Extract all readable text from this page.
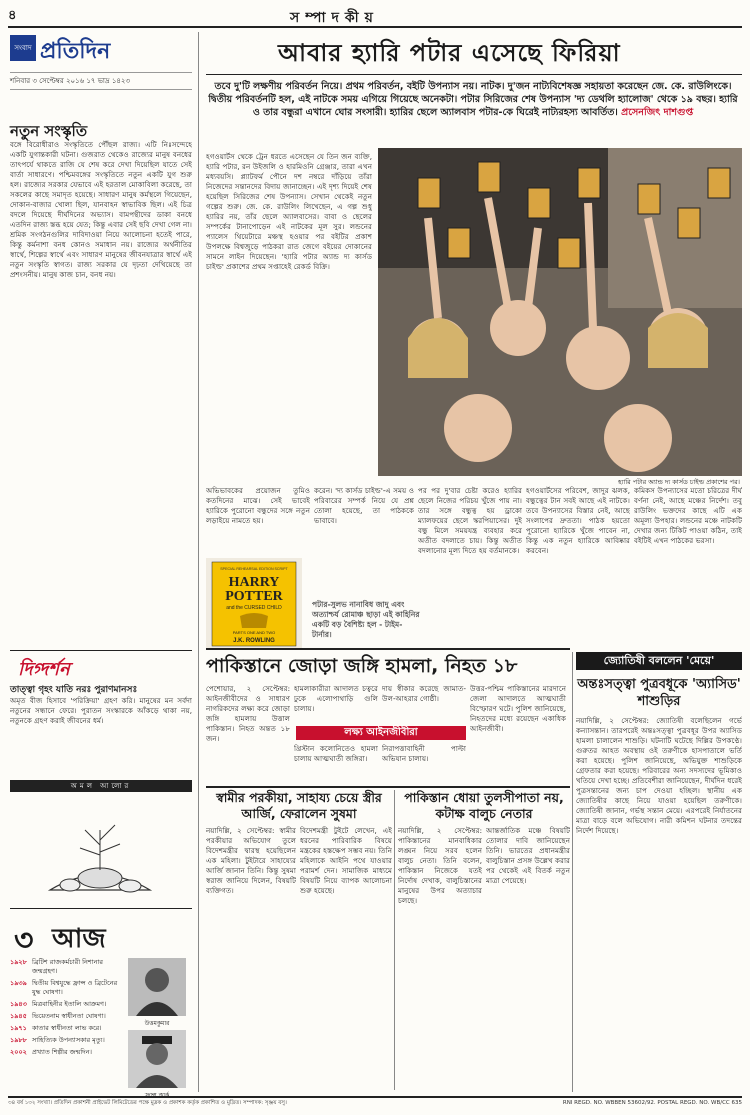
৪	সম্পাদকীয়
সংবাদ প্রতিদিন
শনিবার ৩ সেপ্টেম্বর ২০১৬ ১৭ ভাদ্র ১৪২৩
নতুন সংস্কৃতি
বঙ্গে বিরোধীরাও সংস্কৃতিতে পৌঁছল রাজ্য। এটি নিঃসন্দেহে একটি যুগান্তকারী ঘটনা। গুজরাত থেকেও রাজ্যের মানুষ বনধের তাৎপর্যে থাকতে রাজি যে শেষ করে দেখা দিয়েছিল যাতে সেই বার্তা সাধারণে। পশ্চিমবঙ্গের সংস্কৃতিতে নতুন একটি যুগ শুরু হল। রাজ্যের সরকার যেভাবে এই হরতাল মোকাবিলা করেছে, তা সকলের কাছে সমাদৃত হয়েছে। সাধারণ মানুষ কর্মস্থলে গিয়েছেন, দোকান-বাজার খোলা ছিল, যানবাহন স্বাভাবিক ছিল। এই চিত্র বদলে দিয়েছে দীর্ঘদিনের অভ্যাস। বামপন্থীদের ডাকা বনধে এতদিন রাজ্য স্তব্ধ হয়ে যেত; কিন্তু এবার সেই ছবি দেখা গেল না। শ্রমিক সংগঠনগুলির দাবিদাওয়া নিয়ে আলোচনা হতেই পারে, কিন্তু কর্মনাশা বনধ কোনও সমাধান নয়। রাজ্যের অর্থনীতির স্বার্থে, শিল্পের স্বার্থে এবং সাধারণ মানুষের জীবনযাত্রার স্বার্থে এই নতুন সংস্কৃতি স্বাগত। রাজ্য সরকার যে দৃঢ়তা দেখিয়েছে তা প্রশংসনীয়। মানুষ কাজ চান, বনধ নয়।
দিগ্দর্শন
তাত্ত্বা গৃহং যাতি নরঃ পুরাণমানসঃ
অমৃত বীজ হিসাবে 'পরিক্রিয়া' গ্রহণ করি। মানুষের মন সর্বদা নতুনের সন্ধানে ফেরে। পুরাতন সংস্কারকে আঁকড়ে থাকা নয়, নতুনকে গ্রহণ করাই জীবনের ধর্ম।
অমল আলোর
৩ আজ
১৯২৮ ব্রিটিশ রাজকর্মচারী নিশানার জন্মগ্রহণ।
১৯৩৯ দ্বিতীয় বিশ্বযুদ্ধে ফ্রান্স ও ব্রিটেনের যুদ্ধ ঘোষণা।
১৯৪৩ মিত্রবাহিনীর ইতালি আক্রমণ।
১৯৪৫ ভিয়েতনাম স্বাধীনতা ঘোষণা।
১৯৭১ কাতার স্বাধীনতা লাভ করে।
১৯৮৮ সাহিত্যিক উপন্যাসকার মৃত্যু।
২০০২ প্রখ্যাত শিল্পীর জন্মদিন।
উত্তমকুমার
ফ্রান্স ক্লার্ক
আবার হ্যারি পটার এসেছে ফিরিয়া
তবে দু'টি লক্ষণীয় পরিবর্তন নিয়ে। প্রথম পরিবর্তন, বইটি উপন্যাস নয়। নাটক। দু'জন নাট্যবিশেষজ্ঞ সহায়তা করেছেন জে. কে. রাউলিংকে। দ্বিতীয় পরিবর্তনটি হল, এই নাটকে সময় এগিয়ে গিয়েছে অনেকটা। পটার সিরিজের শেষ উপন্যাস 'দ্য ডেথলি হ্যালোজ' থেকে ১৯ বছর। হ্যারি ও তার বন্ধুরা এখানে ঘোর সংসারী। হ্যারির ছেলে অ্যালবাস পটার-কে ঘিরেই নাট্যরহস্য আবর্তিত। প্রসেনজিৎ দাশগুপ্ত
হ্যারি পটার অ্যান্ড দ্য কার্সড চাইল্ড প্রকাশের পর।
হগওয়ার্টস থেকে ট্রেন ধরতে এসেছেন যে তিন জন ব্যক্তি, হ্যারি পটার, রন উইজলি ও হারমিওনি গ্রেঞ্জার, তারা এখন মধ্যবয়সি। প্ল্যাটফর্ম পৌনে দশ নম্বরে দাঁড়িয়ে তাঁরা নিজেদের সন্তানদের বিদায় জানাচ্ছেন। এই দৃশ্য দিয়েই শেষ হয়েছিল সিরিজের শেষ উপন্যাস। সেখান থেকেই নতুন গল্পের শুরু। জে. কে. রাউলিং লিখেছেন, এ গল্প শুধু হ্যারির নয়, তাঁর ছেলে অ্যালবাসের। বাবা ও ছেলের সম্পর্কের টানাপোড়েন এই নাটকের মূল সুর। লন্ডনের প্যালেস থিয়েটারে মঞ্চস্থ হওয়ার পর বইটির প্রকাশ উপলক্ষে বিশ্বজুড়ে পাঠকরা রাত জেগে বইয়ের দোকানের সামনে লাইন দিয়েছেন। 'হ্যারি পটার অ্যান্ড দ্য কার্সড চাইল্ড' প্রকাশের প্রথম সপ্তাহেই রেকর্ড বিক্রি।
অভিভাবকের প্রয়োজন তুমিও কতদিনের মাঝে। সেই ভাবেই হ্যারিকে পুরোনো বন্ধুদের সঙ্গে নতুন লড়াইয়ে নামতে হয়।
করেন। 'দ্য কার্সড চাইল্ড'-এ সময় ও পরিবারের সম্পর্ক নিয়ে যে প্রশ্ন তোলা হয়েছে, তা পাঠককে ভাবাবে।
পর পর দু'বার চেষ্টা করেও হ্যারির ছেলে নিজের পরিচয় খুঁজে পায় না। তার সঙ্গে বন্ধুত্ব হয় ড্রাকো ম্যালফয়ের ছেলে স্করপিয়াসের। দুই বন্ধু মিলে সময়যন্ত্র ব্যবহার করে অতীত বদলাতে চায়। কিন্তু অতীত বদলানোর মূল্য দিতে হয় বর্তমানকে।
হগওয়ার্টসের পরিবেশ, জাদুর ঝলক, বন্ধুত্বের টান সবই আছে এই নাটকে। তবে উপন্যাসের বিস্তার নেই, আছে সংলাপের দ্রুততা। পাঠক হয়তো পুরোনো হ্যারিকে খুঁজে পাবেন না, কিন্তু এক নতুন হ্যারিকে আবিষ্কার করবেন।
কমিকস উপন্যাসের মতো চরিত্রের দীর্ঘ বর্ণনা নেই, আছে মঞ্চের নির্দেশ। তবু রাউলিং ভক্তদের কাছে এটি এক অমূল্য উপহার। লন্ডনের মঞ্চে নাটকটি দেখার জন্য টিকিট পাওয়া কঠিন, তাই বইটিই এখন পাঠকের ভরসা।
SPECIAL REHEARSAL EDITION SCRIPT
HARRY
POTTER
and the CURSED CHILD
PARTS ONE AND TWO
J.K. ROWLING
পটার-সুলভ নানাবিধ জাদু এবং অত্যাশ্চর্য রোমাঞ্চ ছাড়া এই কাহিনির একটি বড় বৈশিষ্ট্য হল - টাইম-টার্নার।
পাকিস্তানে জোড়া জঙ্গি হামলা, নিহত ১৮
পেশোয়ার, ২ সেপ্টেম্বর: আইনজীবীদের ও সাধারণ নাগরিকদের লক্ষ্য করে জোড়া জঙ্গি হামলায় উত্তাল পাকিস্তান। নিহত অন্তত ১৮ জন।
হামলাকারীরা আদালত চত্বরে ঢুকে এলোপাথাড়ি গুলি চালায়।
দায় স্বীকার করেছে জামাত-উল-আহরার গোষ্ঠী।
লক্ষ্য আইনজীবীরা
খ্রিস্টান কলোনিতেও হামলা চালায় আত্মঘাতী জঙ্গিরা।
নিরাপত্তাবাহিনী পাল্টা অভিযান চালায়।
উত্তর-পশ্চিম পাকিস্তানের মারদানে জেলা আদালতে আত্মঘাতী বিস্ফোরণ ঘটে। পুলিশ জানিয়েছে, নিহতদের মধ্যে রয়েছেন একাধিক আইনজীবী।
জ্যোতিষী বললেন 'মেয়ে'
অন্তঃসত্ত্বা পুত্রবধূকে 'অ্যাসিড' শাশুড়ির
নয়াদিল্লি, ২ সেপ্টেম্বর: জ্যোতিষী বলেছিলেন গর্ভে কন্যাসন্তান। তারপরেই অন্তঃসত্ত্বা পুত্রবধূর উপর অ্যাসিড হামলা চালালেন শাশুড়ি। ঘটনাটি ঘটেছে দিল্লির উপকণ্ঠে। গুরুতর আহত অবস্থায় ওই তরুণীকে হাসপাতালে ভর্তি করা হয়েছে। পুলিশ জানিয়েছে, অভিযুক্ত শাশুড়িকে গ্রেফতার করা হয়েছে। পরিবারের অন্য সদস্যদের ভূমিকাও খতিয়ে দেখা হচ্ছে। প্রতিবেশীরা জানিয়েছেন, দীর্ঘদিন ধরেই পুত্রসন্তানের জন্য চাপ দেওয়া হচ্ছিল। স্থানীয় এক জ্যোতিষীর কাছে নিয়ে যাওয়া হয়েছিল তরুণীকে। জ্যোতিষী জানান, গর্ভস্থ সন্তান মেয়ে। এরপরেই নির্যাতনের মাত্রা বাড়ে বলে অভিযোগ। নারী কমিশন ঘটনার তদন্তের নির্দেশ দিয়েছে।
স্বামীর পরকীয়া, সাহায্য চেয়ে স্ত্রীর আর্জি, ফেরালেন সুষমা
নয়াদিল্লি, ২ সেপ্টেম্বর: স্বামীর পরকীয়ার অভিযোগ তুলে বিদেশমন্ত্রীর দ্বারস্থ হয়েছিলেন এক মহিলা। টুইটারে সাহায্যের আর্জি জানান তিনি। কিন্তু সুষমা স্বরাজ জানিয়ে দিলেন, বিষয়টি ব্যক্তিগত।
বিদেশমন্ত্রী টুইটে লেখেন, এই ধরনের পারিবারিক বিষয়ে মন্ত্রকের হস্তক্ষেপ সম্ভব নয়। তিনি মহিলাকে আইনি পথে যাওয়ার পরামর্শ দেন। সামাজিক মাধ্যমে বিষয়টি নিয়ে ব্যাপক আলোচনা শুরু হয়েছে।
পাকিস্তান ধোয়া তুলসীপাতা নয়, কটাক্ষ বালুচ নেতার
নয়াদিল্লি, ২ সেপ্টেম্বর: পাকিস্তানের মানবাধিকার লঙ্ঘন নিয়ে সরব হলেন বালুচ নেতা। তিনি বলেন, পাকিস্তান নিজেকে যতই নির্দোষ দেখাক, বালুচিস্তানের মানুষের উপর অত্যাচার চলছে।
আন্তর্জাতিক মঞ্চে বিষয়টি তোলার দাবি জানিয়েছেন তিনি। ভারতের প্রধানমন্ত্রীর বালুচিস্তান প্রসঙ্গ উল্লেখ করার পর থেকেই এই বিতর্ক নতুন মাত্রা পেয়েছে।
৩৪ বর্ষ ১৩২ সংখ্যা। প্রতিদিন প্রকাশনী প্রাইভেট লিমিটেডের পক্ষে মুদ্রক ও প্রকাশক কর্তৃক প্রকাশিত ও মুদ্রিত। সম্পাদক: সৃঞ্জয় বসু।	RNI REGD. NO. WBBEN 53602/92. POSTAL REGD. NO. WB/CC 635
